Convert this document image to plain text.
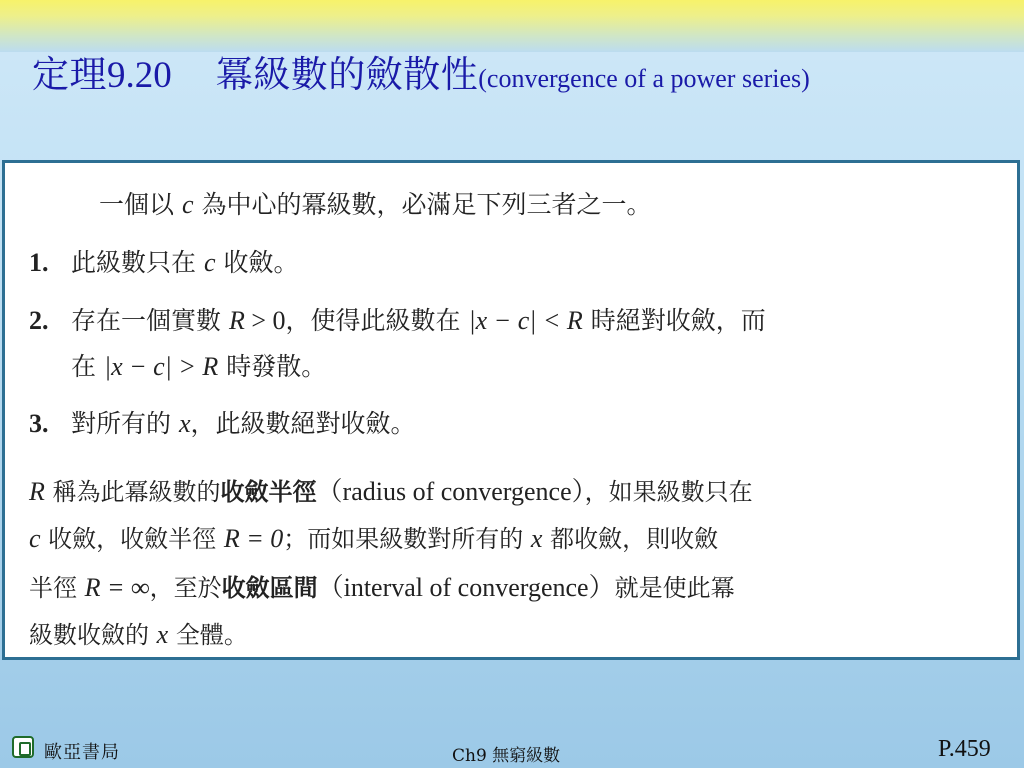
定理9.20 冪級數的斂散性(convergence of a power series)
一個以 c 為中心的冪級數，必滿足下列三者之一。
1. 此級數只在 c 收斂。
2. 存在一個實數 R > 0，使得此級數在 |x − c| < R 時絕對收斂，而
在 |x − c| > R 時發散。
3. 對所有的 x，此級數絕對收斂。
R 稱為此冪級數的收斂半徑（radius of convergence），如果級數只在
c 收斂，收斂半徑 R = 0；而如果級數對所有的 x 都收斂，則收斂
半徑 R = ∞，至於收斂區間（interval of convergence）就是使此冪
級數收斂的 x 全體。
歐亞書局	Ch9 無窮級數	P.459
